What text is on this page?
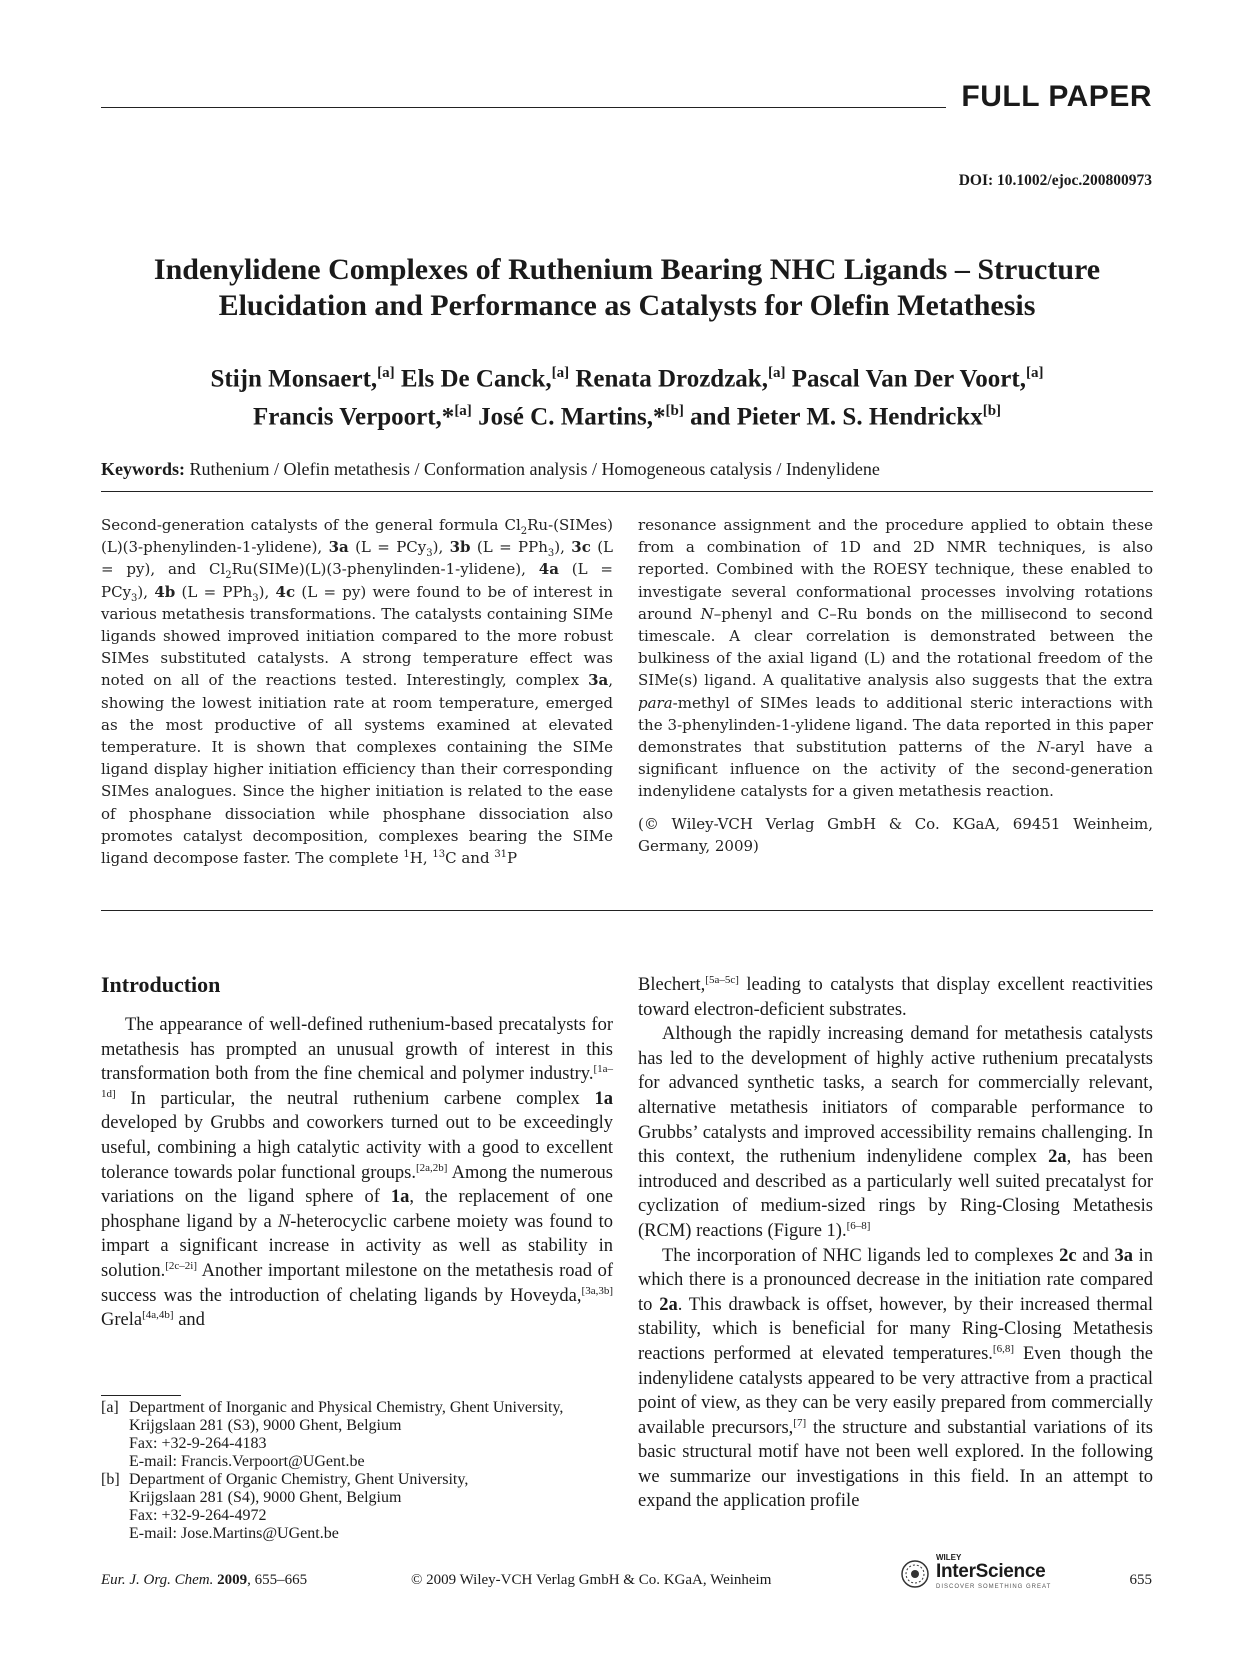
FULL PAPER
DOI: 10.1002/ejoc.200800973
Indenylidene Complexes of Ruthenium Bearing NHC Ligands – Structure
Elucidation and Performance as Catalysts for Olefin Metathesis
Stijn Monsaert,[a] Els De Canck,[a] Renata Drozdzak,[a] Pascal Van Der Voort,[a]
Francis Verpoort,*[a] José C. Martins,*[b] and Pieter M. S. Hendrickx[b]
Keywords: Ruthenium / Olefin metathesis / Conformation analysis / Homogeneous catalysis / Indenylidene

Second-generation catalysts of the general formula $Cl_2Ru-(SIMes)(L)(3-phenylinden-1-ylidene)$, 3a (L = PCy$_3$), 3b (L = PPh$_3$), 3c (L = py), and $Cl_2Ru(SIMe)(L)(3-phenylinden-1-ylidene)$, 4a (L = PCy$_3$), 4b (L = PPh$_3$), 4c (L = py) were found to be of interest in various metathesis transformations. The catalysts containing SIMe ligands showed improved initiation compared to the more robust SIMes substituted catalysts. A strong temperature effect was noted on all of the reactions tested. Interestingly, complex 3a, showing the lowest initiation rate at room temperature, emerged as the most productive of all systems examined at elevated temperature. It is shown that complexes containing the SIMe ligand display higher initiation efficiency than their corresponding SIMes analogues. Since the higher initiation is related to the ease of phosphane dissociation while phosphane dissociation also promotes catalyst decomposition, complexes bearing the SIMe ligand decompose faster. The complete $^1$H, $^{13}$C and $^{31}$P

resonance assignment and the procedure applied to obtain these from a combination of 1D and 2D NMR techniques, is also reported. Combined with the ROESY technique, these enabled to investigate several conformational processes involving rotations around N–phenyl and C–Ru bonds on the millisecond to second timescale. A clear correlation is demonstrated between the bulkiness of the axial ligand (L) and the rotational freedom of the SIMe(s) ligand. A qualitative analysis also suggests that the extra para-methyl of SIMes leads to additional steric interactions with the 3-phenylinden-1-ylidene ligand. The data reported in this paper demonstrates that substitution patterns of the N-aryl have a significant influence on the activity of the second-generation indenylidene catalysts for a given metathesis reaction.

(© Wiley-VCH Verlag GmbH & Co. KGaA, 69451 Weinheim, Germany, 2009)

Introduction

The appearance of well-defined ruthenium-based precatalysts for metathesis has prompted an unusual growth of interest in this transformation both from the fine chemical and polymer industry.[1a–1d] In particular, the neutral ruthenium carbene complex 1a developed by Grubbs and coworkers turned out to be exceedingly useful, combining a high catalytic activity with a good to excellent tolerance towards polar functional groups.[2a,2b] Among the numerous variations on the ligand sphere of 1a, the replacement of one phosphane ligand by a N-heterocyclic carbene moiety was found to impart a significant increase in activity as well as stability in solution.[2c–2i] Another important milestone on the metathesis road of success was the introduction of chelating ligands by Hoveyda,[3a,3b] Grela[4a,4b] and

Blechert,[5a–5c] leading to catalysts that display excellent reactivities toward electron-deficient substrates.

Although the rapidly increasing demand for metathesis catalysts has led to the development of highly active ruthenium precatalysts for advanced synthetic tasks, a search for commercially relevant, alternative metathesis initiators of comparable performance to Grubbs’ catalysts and improved accessibility remains challenging. In this context, the ruthenium indenylidene complex 2a, has been introduced and described as a particularly well suited precatalyst for cyclization of medium-sized rings by Ring-Closing Metathesis (RCM) reactions (Figure 1).[6–8]

The incorporation of NHC ligands led to complexes 2c and 3a in which there is a pronounced decrease in the initiation rate compared to 2a. This drawback is offset, however, by their increased thermal stability, which is beneficial for many Ring-Closing Metathesis reactions performed at elevated temperatures.[6,8] Even though the indenylidene catalysts appeared to be very attractive from a practical point of view, as they can be very easily prepared from commercially available precursors,[7] the structure and substantial variations of its basic structural motif have not been well explored. In the following we summarize our investigations in this field. In an attempt to expand the application profile

[a] Department of Inorganic and Physical Chemistry, Ghent University,
Krijgslaan 281 (S3), 9000 Ghent, Belgium
Fax: +32-9-264-4183
E-mail: Francis.Verpoort@UGent.be
[b] Department of Organic Chemistry, Ghent University,
Krijgslaan 281 (S4), 9000 Ghent, Belgium
Fax: +32-9-264-4972
E-mail: Jose.Martins@UGent.be
Eur. J. Org. Chem. 2009, 655–665	© 2009 Wiley-VCH Verlag GmbH & Co. KGaA, Weinheim
WILEY
InterScience
DISCOVER SOMETHING GREAT	655
